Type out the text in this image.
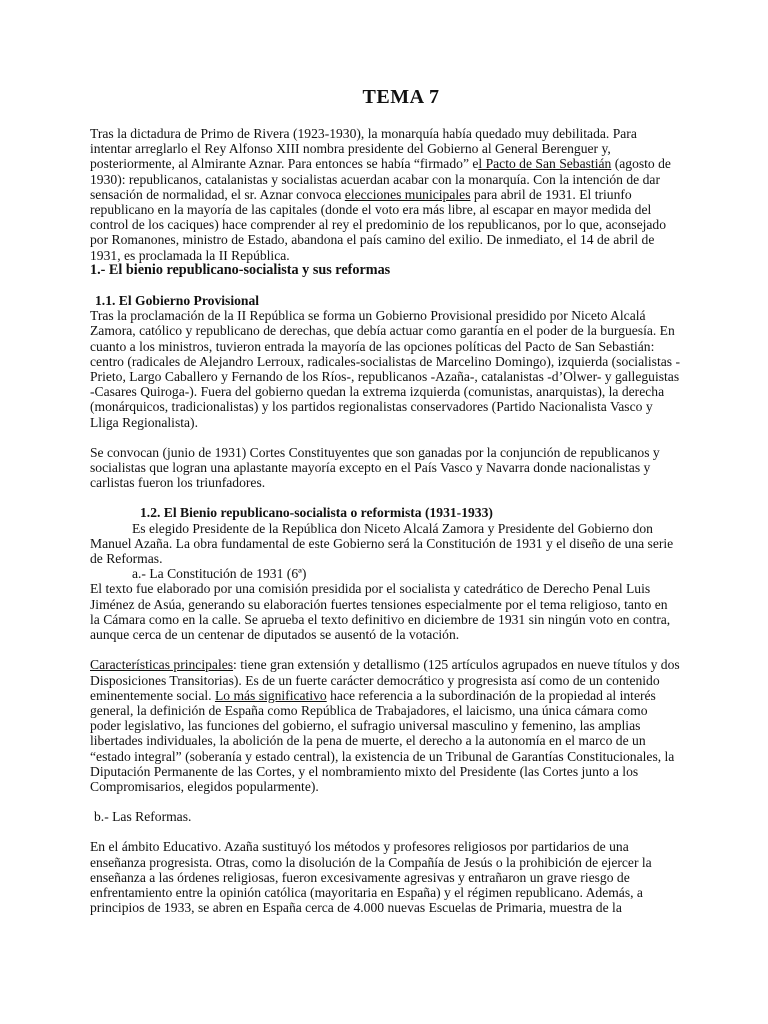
TEMA 7

Tras la dictadura de Primo de Rivera (1923-1930), la monarquía había quedado muy debilitada. Para intentar arreglarlo el Rey Alfonso XIII nombra presidente del Gobierno al General Berenguer y, posteriormente, al Almirante Aznar. Para entonces se había “firmado” el Pacto de San Sebastián (agosto de 1930): republicanos, catalanistas y socialistas acuerdan acabar con la monarquía. Con la intención de dar sensación de normalidad, el sr. Aznar convoca elecciones municipales para abril de 1931. El triunfo republicano en la mayoría de las capitales (donde el voto era más libre, al escapar en mayor medida del control de los caciques) hace comprender al rey el predominio de los republicanos, por lo que, aconsejado por Romanones, ministro de Estado, abandona el país camino del exilio. De inmediato, el 14 de abril de 1931, es proclamada la II República.

1.- El bienio republicano-socialista y sus reformas

1.1. El Gobierno Provisional

Tras la proclamación de la II República se forma un Gobierno Provisional presidido por Niceto Alcalá Zamora, católico y republicano de derechas, que debía actuar como garantía en el poder de la burguesía. En cuanto a los ministros, tuvieron entrada la mayoría de las opciones políticas del Pacto de San Sebastián: centro (radicales de Alejandro Lerroux, radicales-socialistas de Marcelino Domingo), izquierda (socialistas -Prieto, Largo Caballero y Fernando de los Ríos-, republicanos -Azaña-, catalanistas -d’Olwer- y galleguistas -Casares Quiroga-). Fuera del gobierno quedan la extrema izquierda (comunistas, anarquistas), la derecha (monárquicos, tradicionalistas) y los partidos regionalistas conservadores (Partido Nacionalista Vasco y Lliga Regionalista).

Se convocan (junio de 1931) Cortes Constituyentes que son ganadas por la conjunción de republicanos y socialistas que logran una aplastante mayoría excepto en el País Vasco y Navarra donde nacionalistas y carlistas fueron los triunfadores.

1.2. El Bienio republicano-socialista o reformista (1931-1933)

Es elegido Presidente de la República don Niceto Alcalá Zamora y Presidente del Gobierno don Manuel Azaña. La obra fundamental de este Gobierno será la Constitución de 1931 y el diseño de una serie de Reformas.

a.- La Constitución de 1931 (6ª)

El texto fue elaborado por una comisión presidida por el socialista y catedrático de Derecho Penal Luis Jiménez de Asúa, generando su elaboración fuertes tensiones especialmente por el tema religioso, tanto en la Cámara como en la calle. Se aprueba el texto definitivo en diciembre de 1931 sin ningún voto en contra, aunque cerca de un centenar de diputados se ausentó de la votación.

Características principales: tiene gran extensión y detallismo (125 artículos agrupados en nueve títulos y dos Disposiciones Transitorias). Es de un fuerte carácter democrático y progresista así como de un contenido eminentemente social. Lo más significativo hace referencia a la subordinación de la propiedad al interés general, la definición de España como República de Trabajadores, el laicismo, una única cámara como poder legislativo, las funciones del gobierno, el sufragio universal masculino y femenino, las amplias libertades individuales, la abolición de la pena de muerte, el derecho a la autonomía en el marco de un “estado integral” (soberanía y estado central), la existencia de un Tribunal de Garantías Constitucionales, la Diputación Permanente de las Cortes, y el nombramiento mixto del Presidente (las Cortes junto a los Compromisarios, elegidos popularmente).

b.- Las Reformas.

En el ámbito Educativo. Azaña sustituyó los métodos y profesores religiosos por partidarios de una enseñanza progresista. Otras, como la disolución de la Compañía de Jesús o la prohibición de ejercer la enseñanza a las órdenes religiosas, fueron excesivamente agresivas y entrañaron un grave riesgo de enfrentamiento entre la opinión católica (mayoritaria en España) y el régimen republicano. Además, a principios de 1933, se abren en España cerca de 4.000 nuevas Escuelas de Primaria, muestra de la
